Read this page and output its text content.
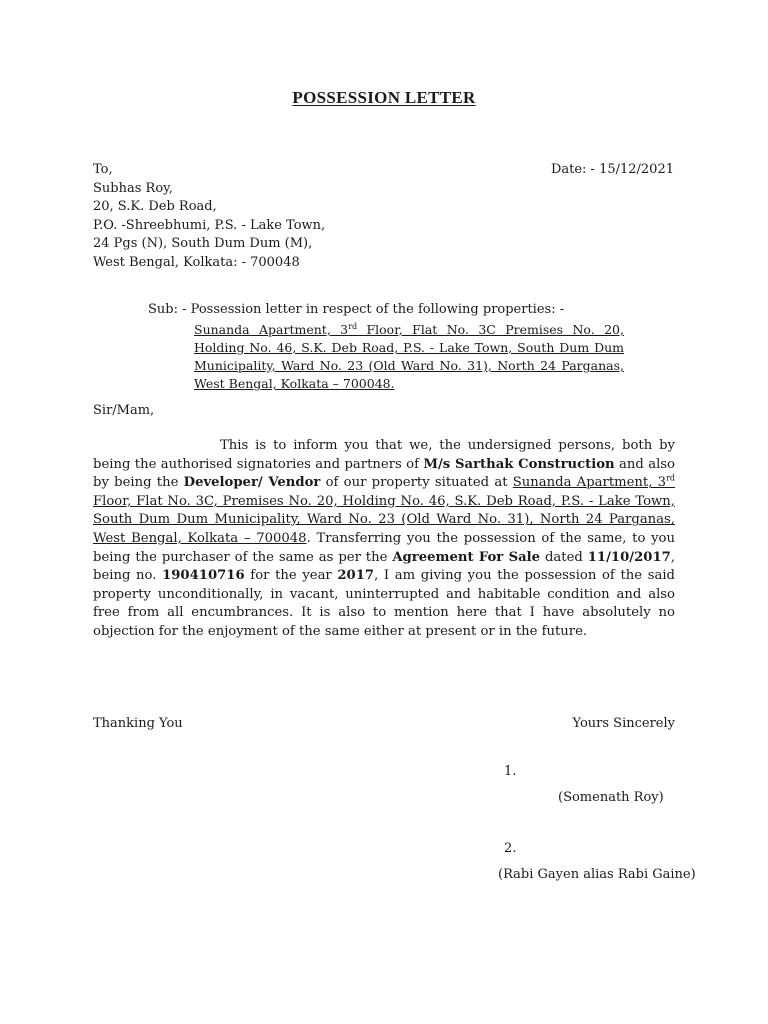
POSSESSION LETTER
To,
Subhas Roy,
20, S.K. Deb Road,
P.O. -Shreebhumi, P.S. - Lake Town,
24 Pgs (N), South Dum Dum (M),
West Bengal, Kolkata: - 700048
Date: - 15/12/2021
Sub: - Possession letter in respect of the following properties: -
Sunanda Apartment, 3rd Floor, Flat No. 3C Premises No. 20, Holding No. 46, S.K. Deb Road, P.S. - Lake Town, South Dum Dum Municipality, Ward No. 23 (Old Ward No. 31), North 24 Parganas, West Bengal, Kolkata – 700048.
Sir/Mam,
This is to inform you that we, the undersigned persons, both by being the authorised signatories and partners of M/s Sarthak Construction and also by being the Developer/ Vendor of our property situated at Sunanda Apartment, 3rd Floor, Flat No. 3C, Premises No. 20, Holding No. 46, S.K. Deb Road, P.S. - Lake Town, South Dum Dum Municipality, Ward No. 23 (Old Ward No. 31), North 24 Parganas, West Bengal, Kolkata – 700048. Transferring you the possession of the same, to you being the purchaser of the same as per the Agreement For Sale dated 11/10/2017, being no. 190410716 for the year 2017, I am giving you the possession of the said property unconditionally, in vacant, uninterrupted and habitable condition and also free from all encumbrances. It is also to mention here that I have absolutely no objection for the enjoyment of the same either at present or in the future.
Thanking You	Yours Sincerely
1.
(Somenath Roy)
2.
(Rabi Gayen alias Rabi Gaine)
